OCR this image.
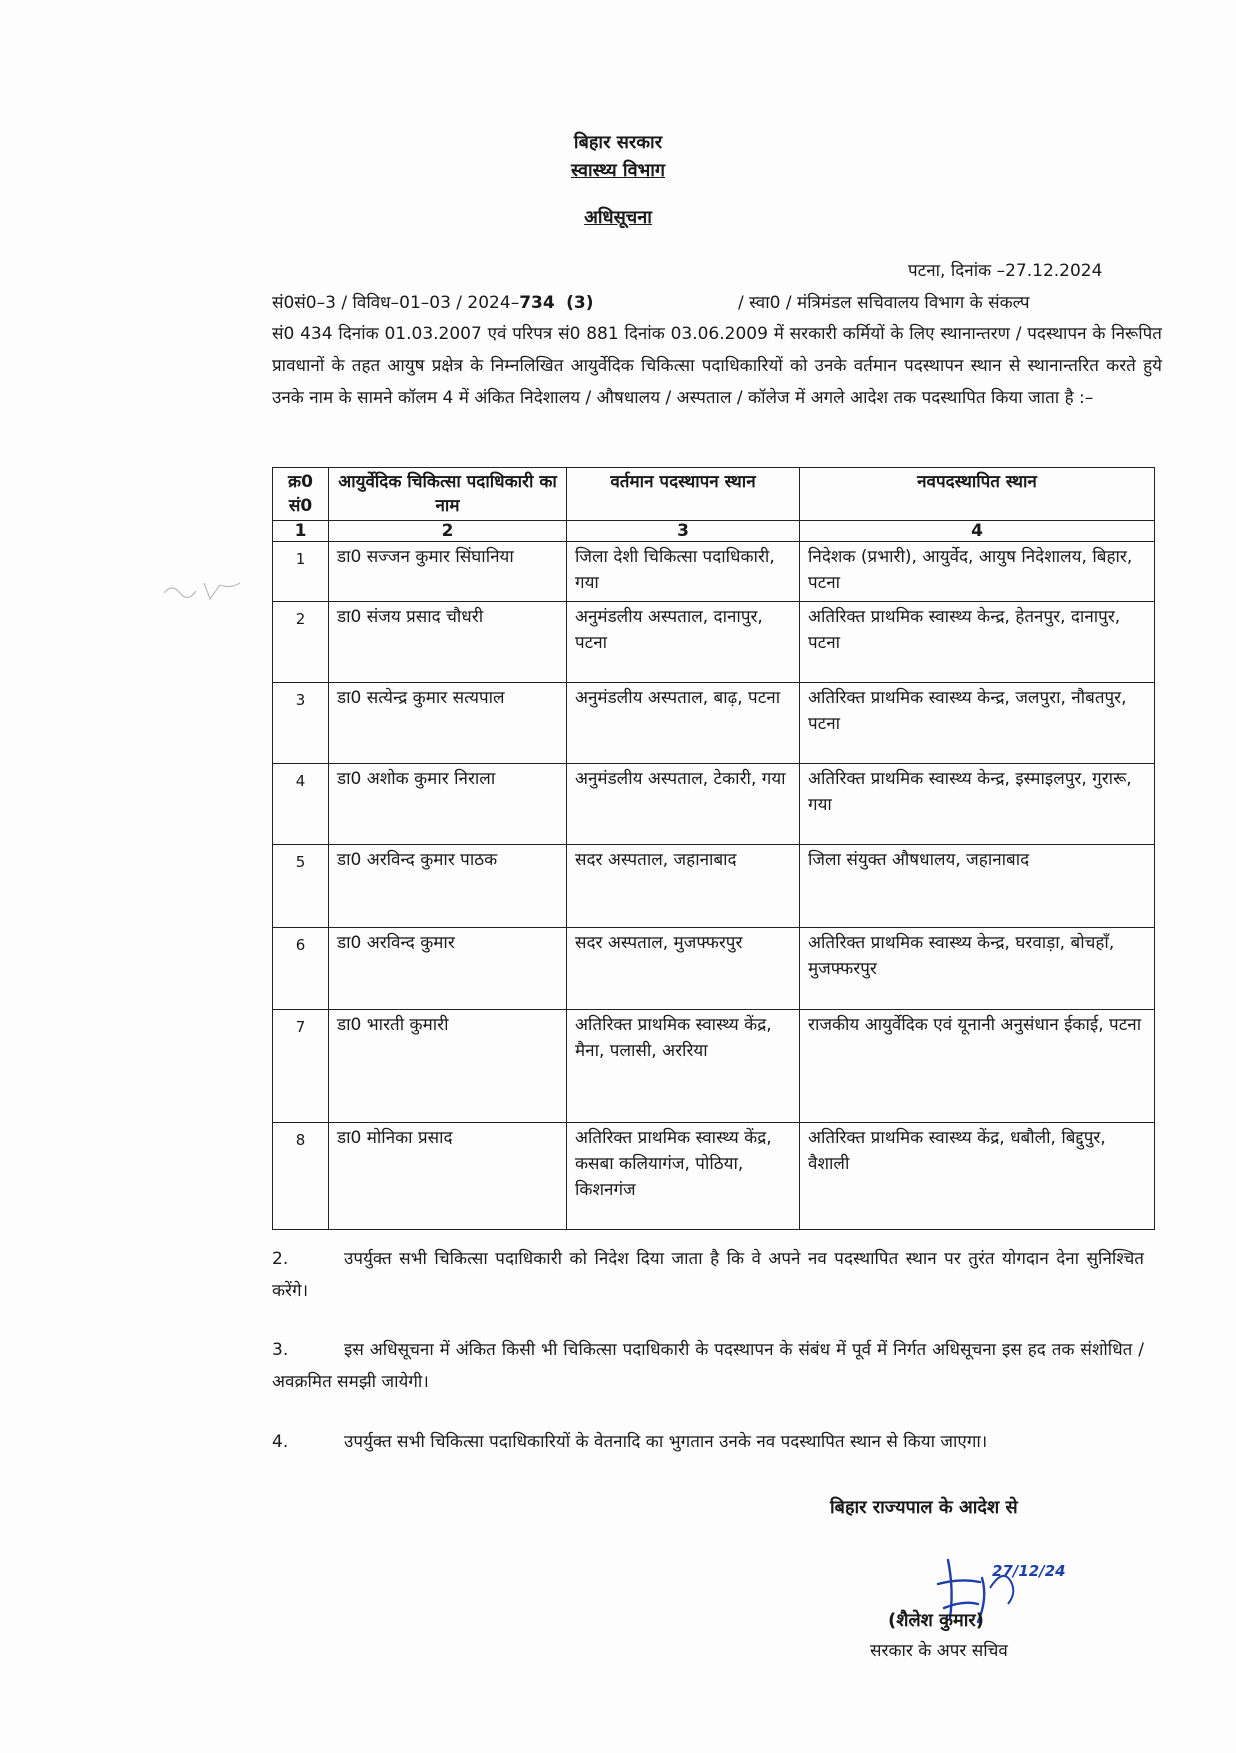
बिहार सरकार
स्वास्थ्य विभाग
अधिसूचना
पटना, दिनांक –27.12.2024
सं0सं0–3 / विविध–01–03 / 2024–734 (3)	/ स्वा0 / मंत्रिमंडल सचिवालय विभाग के संकल्प

सं0 434 दिनांक 01.03.2007 एवं परिपत्र सं0 881 दिनांक 03.06.2009 में सरकारी कर्मियों के लिए स्थानान्तरण / पदस्थापन के निरूपित प्रावधानों के तहत आयुष प्रक्षेत्र के निम्नलिखित आयुर्वेदिक चिकित्सा पदाधिकारियों को उनके वर्तमान पदस्थापन स्थान से स्थानान्तरित करते हुये उनके नाम के सामने कॉलम 4 में अंकित निदेशालय / औषधालय / अस्पताल / कॉलेज में अगले आदेश तक पदस्थापित किया जाता है :–

क्र0 सं0	आयुर्वेदिक चिकित्सा पदाधिकारी का नाम	वर्तमान पदस्थापन स्थान	नवपदस्थापित स्थान
1	2	3	4
1	डा0 सज्जन कुमार सिंघानिया	जिला देशी चिकित्सा पदाधिकारी, गया	निदेशक (प्रभारी), आयुर्वेद, आयुष निदेशालय, बिहार, पटना
2	डा0 संजय प्रसाद चौधरी	अनुमंडलीय अस्पताल, दानापुर, पटना	अतिरिक्त प्राथमिक स्वास्थ्य केन्द्र, हेतनपुर, दानापुर, पटना
3	डा0 सत्येन्द्र कुमार सत्यपाल	अनुमंडलीय अस्पताल, बाढ़, पटना	अतिरिक्त प्राथमिक स्वास्थ्य केन्द्र, जलपुरा, नौबतपुर, पटना
4	डा0 अशोक कुमार निराला	अनुमंडलीय अस्पताल, टेकारी, गया	अतिरिक्त प्राथमिक स्वास्थ्य केन्द्र, इस्माइलपुर, गुरारू, गया
5	डा0 अरविन्द कुमार पाठक	सदर अस्पताल, जहानाबाद	जिला संयुक्त औषधालय, जहानाबाद
6	डा0 अरविन्द कुमार	सदर अस्पताल, मुजफ्फरपुर	अतिरिक्त प्राथमिक स्वास्थ्य केन्द्र, घरवाड़ा, बोचहाँ, मुजफ्फरपुर
7	डा0 भारती कुमारी	अतिरिक्त प्राथमिक स्वास्थ्य केंद्र, मैना, पलासी, अररिया	राजकीय आयुर्वेदिक एवं यूनानी अनुसंधान ईकाई, पटना
8	डा0 मोनिका प्रसाद	अतिरिक्त प्राथमिक स्वास्थ्य केंद्र, कसबा कलियागंज, पोठिया, किशनगंज	अतिरिक्त प्राथमिक स्वास्थ्य केंद्र, धबौली, बिद्दुपुर, वैशाली
2.	उपर्युक्त सभी चिकित्सा पदाधिकारी को निदेश दिया जाता है कि वे अपने नव पदस्थापित स्थान पर तुरंत योगदान देना सुनिश्चित करेंगे।

3.	इस अधिसूचना में अंकित किसी भी चिकित्सा पदाधिकारी के पदस्थापन के संबंध में पूर्व में निर्गत अधिसूचना इस हद तक संशोधित / अवक्रमित समझी जायेगी।

4.	उपर्युक्त सभी चिकित्सा पदाधिकारियों के वेतनादि का भुगतान उनके नव पदस्थापित स्थान से किया जाएगा।

बिहार राज्यपाल के आदेश से
27/12/24
(शैलेश कुमार)
सरकार के अपर सचिव
